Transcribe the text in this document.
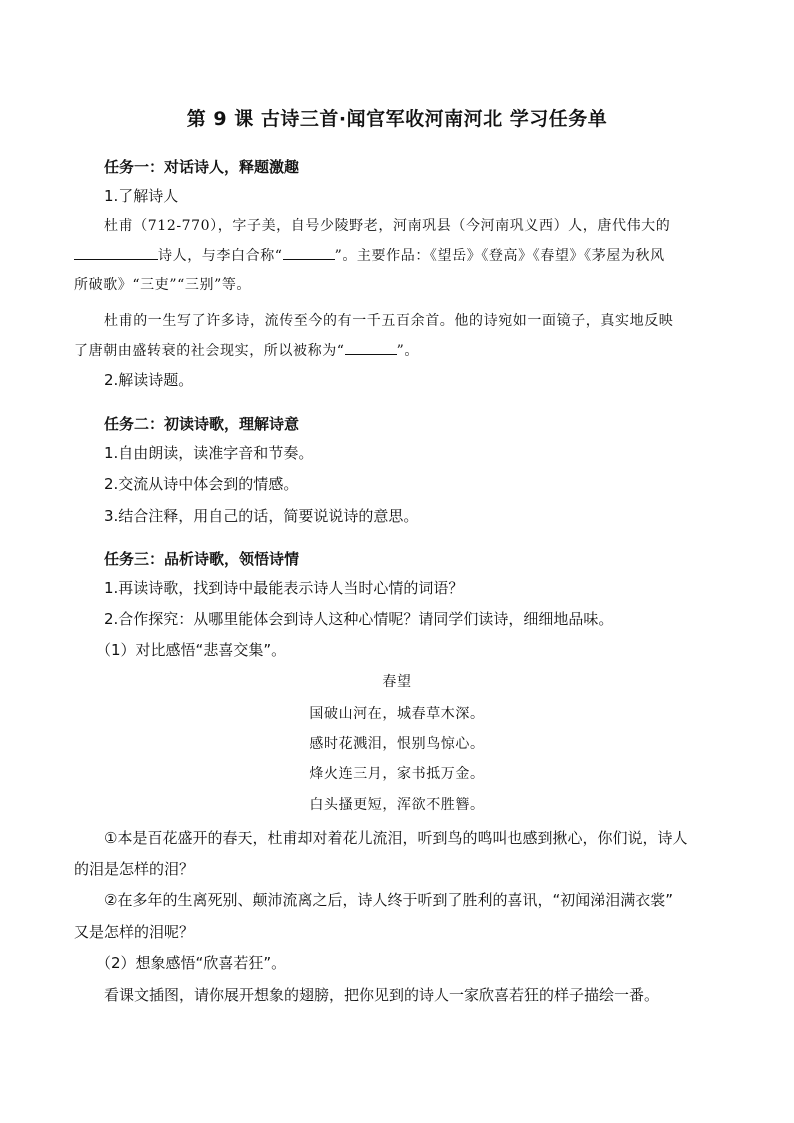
第 9 课 古诗三首·闻官军收河南河北 学习任务单
任务一：对话诗人，释题激趣
1.了解诗人
杜甫（712-770），字子美，自号少陵野老，河南巩县（今河南巩义西）人，唐代伟大的
诗人，与李白合称“	”。主要作品：《望岳》《登高》《春望》《茅屋为秋风
所破歌》“三吏”“三别”等。
杜甫的一生写了许多诗，流传至今的有一千五百余首。他的诗宛如一面镜子，真实地反映
了唐朝由盛转衰的社会现实，所以被称为“	”。
2.解读诗题。
任务二：初读诗歌，理解诗意
1.自由朗读，读准字音和节奏。
2.交流从诗中体会到的情感。
3.结合注释，用自己的话，简要说说诗的意思。
任务三：品析诗歌，领悟诗情
1.再读诗歌，找到诗中最能表示诗人当时心情的词语？
2.合作探究：从哪里能体会到诗人这种心情呢？请同学们读诗，细细地品味。
（1）对比感悟“悲喜交集”。
春望
国破山河在，城春草木深。
感时花溅泪，恨别鸟惊心。
烽火连三月，家书抵万金。
白头搔更短，浑欲不胜簪。
①本是百花盛开的春天，杜甫却对着花儿流泪，听到鸟的鸣叫也感到揪心，你们说，诗人
的泪是怎样的泪？
②在多年的生离死别、颠沛流离之后，诗人终于听到了胜利的喜讯，“初闻涕泪满衣裳”
又是怎样的泪呢？
（2）想象感悟“欣喜若狂”。
看课文插图，请你展开想象的翅膀，把你见到的诗人一家欣喜若狂的样子描绘一番。
